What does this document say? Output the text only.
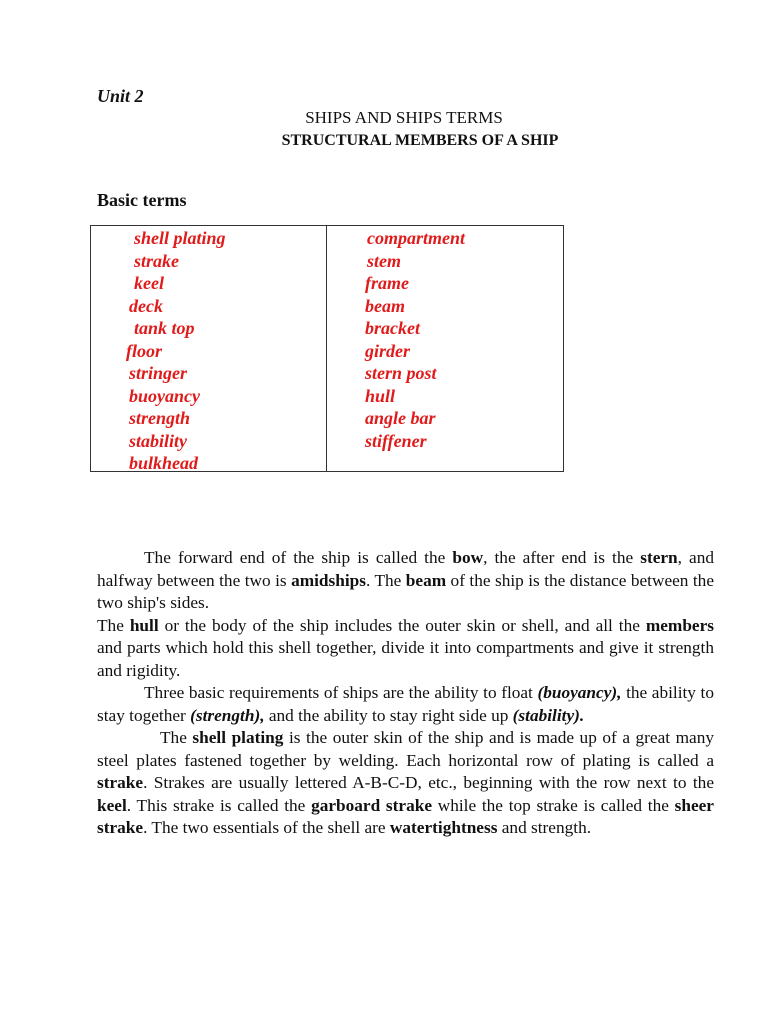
Unit 2
SHIPS AND SHIPS TERMS
STRUCTURAL MEMBERS OF A SHIP
Basic terms
shell plating
strake
keel
deck
tank top
floor
stringer
buoyancy
strength
stability
bulkhead
compartment
stem
frame
beam
bracket
girder
stern post
hull
angle bar
stiffener

The forward end of the ship is called the bow, the after end is the stern, and halfway between the two is amidships. The beam of the ship is the distance between the two ship's sides.

The hull or the body of the ship includes the outer skin or shell, and all the members and parts which hold this shell together, divide it into compartments and give it strength and rigidity.

Three basic requirements of ships are the ability to float (buoyancy), the ability to stay together (strength), and the ability to stay right side up (stability).

The shell plating is the outer skin of the ship and is made up of a great many steel plates fastened together by welding. Each horizontal row of plating is called a strake. Strakes are usually lettered A-B-C-D, etc., beginning with the row next to the keel. This strake is called the garboard strake while the top strake is called the sheer strake. The two essentials of the shell are watertightness and strength.
